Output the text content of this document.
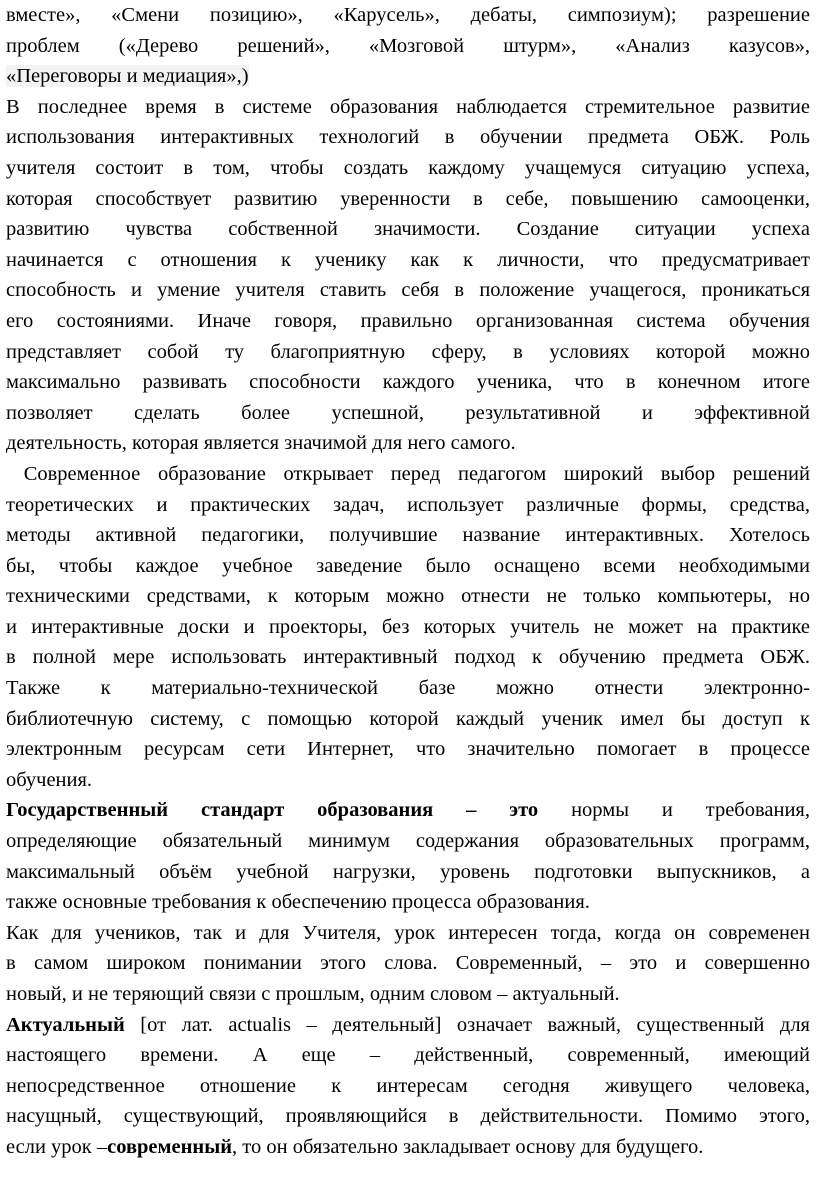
вместе», «Смени позицию», «Карусель», дебаты, симпозиум); разрешение
проблем («Дерево решений», «Мозговой штурм», «Анализ казусов»,
«Переговоры и медиация»,)
В последнее время в системе образования наблюдается стремительное развитие
использования интерактивных технологий в обучении предмета ОБЖ. Роль
учителя состоит в том, чтобы создать каждому учащемуся ситуацию успеха,
которая способствует развитию уверенности в себе, повышению самооценки,
развитию чувства собственной значимости. Создание ситуации успеха
начинается с отношения к ученику как к личности, что предусматривает
способность и умение учителя ставить себя в положение учащегося, проникаться
его состояниями. Иначе говоря, правильно организованная система обучения
представляет собой ту благоприятную сферу, в условиях которой можно
максимально развивать способности каждого ученика, что в конечном итоге
позволяет сделать более успешной, результативной и эффективной
деятельность, которая является значимой для него самого.
Современное образование открывает перед педагогом широкий выбор решений
теоретических и практических задач, использует различные формы, средства,
методы активной педагогики, получившие название интерактивных. Хотелось
бы, чтобы каждое учебное заведение было оснащено всеми необходимыми
техническими средствами, к которым можно отнести не только компьютеры, но
и интерактивные доски и проекторы, без которых учитель не может на практике
в полной мере использовать интерактивный подход к обучению предмета ОБЖ.
Также к материально-технической базе можно отнести электронно-
библиотечную систему, с помощью которой каждый ученик имел бы доступ к
электронным ресурсам сети Интернет, что значительно помогает в процессе
обучения.
Государственный стандарт образования – это нормы и требования,
определяющие обязательный минимум содержания образовательных программ,
максимальный объём учебной нагрузки, уровень подготовки выпускников, а
также основные требования к обеспечению процесса образования.
Как для учеников, так и для Учителя, урок интересен тогда, когда он современен
в самом широком понимании этого слова. Современный, – это и совершенно
новый, и не теряющий связи с прошлым, одним словом – актуальный.
Актуальный [от лат. actualis – деятельный] означает важный, существенный для
настоящего времени. А еще – действенный, современный, имеющий
непосредственное отношение к интересам сегодня живущего человека,
насущный, существующий, проявляющийся в действительности. Помимо этого,
если урок –современный, то он обязательно закладывает основу для будущего.
